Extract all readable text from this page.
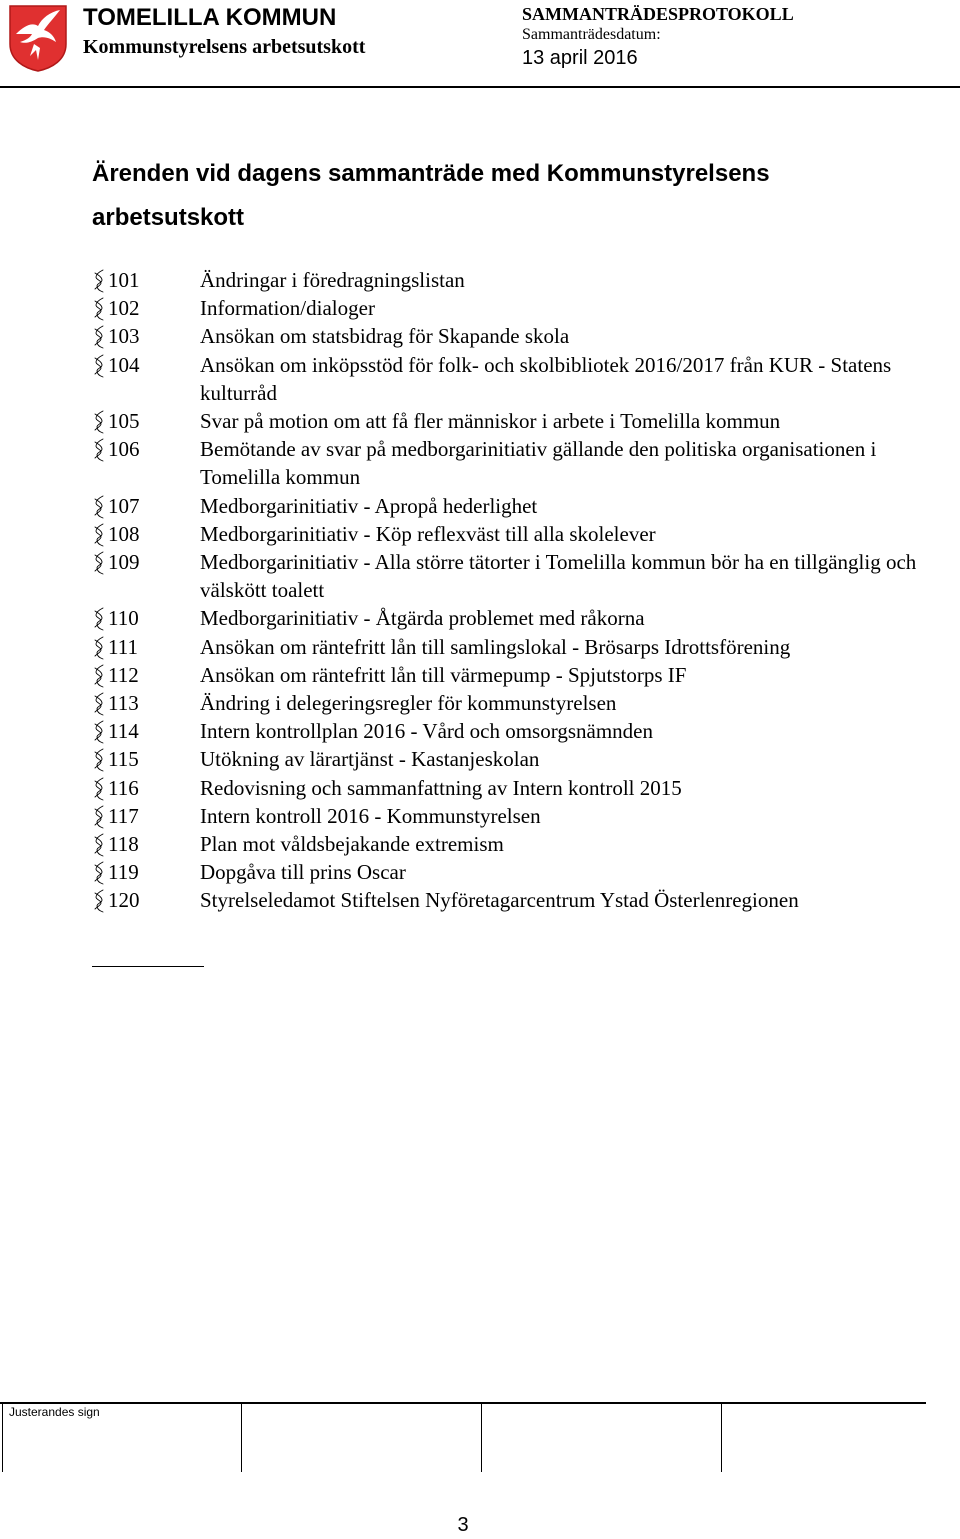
TOMELILLA KOMMUN
Kommunstyrelsens arbetsutskott
SAMMANTRÄDESPROTOKOLL
Sammanträdesdatum:
13 april 2016
Ärenden vid dagens sammanträde med Kommunstyrelsens arbetsutskott
101	Ändringar i föredragningslistan
102	Information/dialoger
103	Ansökan om statsbidrag för Skapande skola
104	Ansökan om inköpsstöd för folk- och skolbibliotek 2016/2017 från KUR - Statens kulturråd
105	Svar på motion om att få fler människor i arbete i Tomelilla kommun
106	Bemötande av svar på medborgarinitiativ gällande den politiska organisationen i Tomelilla kommun
107	Medborgarinitiativ - Apropå hederlighet
108	Medborgarinitiativ - Köp reflexväst till alla skolelever
109	Medborgarinitiativ - Alla större tätorter i Tomelilla kommun bör ha en tillgänglig och välskött toalett
110	Medborgarinitiativ - Åtgärda problemet med råkorna
111	Ansökan om räntefritt lån till samlingslokal - Brösarps Idrottsförening
112	Ansökan om räntefritt lån till värmepump - Spjutstorps IF
113	Ändring i delegeringsregler för kommunstyrelsen
114	Intern kontrollplan 2016 - Vård och omsorgsnämnden
115	Utökning av lärartjänst - Kastanjeskolan
116	Redovisning och sammanfattning av Intern kontroll 2015
117	Intern kontroll 2016 - Kommunstyrelsen
118	Plan mot våldsbejakande extremism
119	Dopgåva till prins Oscar
120	Styrelseledamot Stiftelsen Nyföretagarcentrum Ystad Österlenregionen
Justerandes sign
3
